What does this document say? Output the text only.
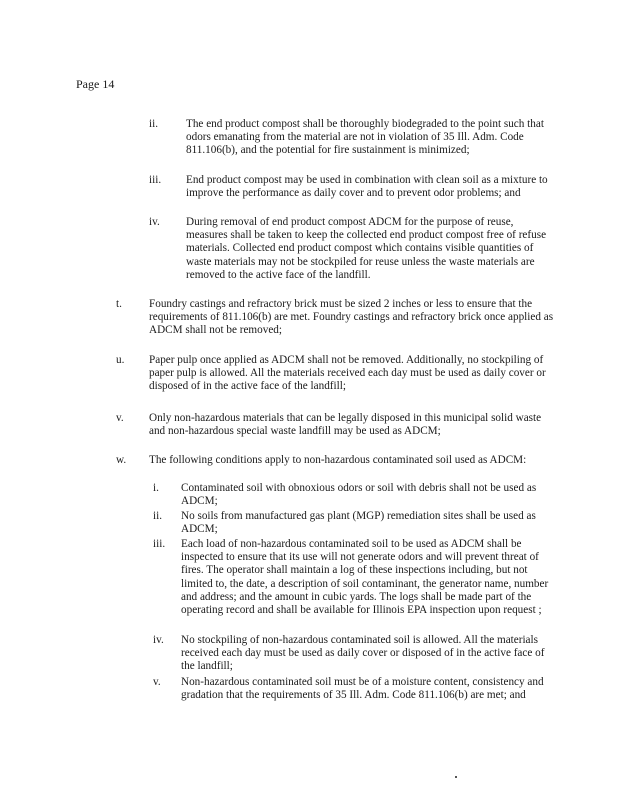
Page 14
ii.	The end product compost shall be thoroughly biodegraded to the point such that odors emanating from the material are not in violation of 35 Ill. Adm. Code 811.106(b), and the potential for fire sustainment is minimized;
iii.	End product compost may be used in combination with clean soil as a mixture to improve the performance as daily cover and to prevent odor problems; and
iv.	During removal of end product compost ADCM for the purpose of reuse, measures shall be taken to keep the collected end product compost free of refuse materials. Collected end product compost which contains visible quantities of waste materials may not be stockpiled for reuse unless the waste materials are removed to the active face of the landfill.
t.	Foundry castings and refractory brick must be sized 2 inches or less to ensure that the requirements of 811.106(b) are met. Foundry castings and refractory brick once applied as ADCM shall not be removed;
u.	Paper pulp once applied as ADCM shall not be removed. Additionally, no stockpiling of paper pulp is allowed. All the materials received each day must be used as daily cover or disposed of in the active face of the landfill;
v.	Only non-hazardous materials that can be legally disposed in this municipal solid waste and non-hazardous special waste landfill may be used as ADCM;
w.	The following conditions apply to non-hazardous contaminated soil used as ADCM:
i.	Contaminated soil with obnoxious odors or soil with debris shall not be used as ADCM;
ii.	No soils from manufactured gas plant (MGP) remediation sites shall be used as ADCM;
iii.	Each load of non-hazardous contaminated soil to be used as ADCM shall be inspected to ensure that its use will not generate odors and will prevent threat of fires. The operator shall maintain a log of these inspections including, but not limited to, the date, a description of soil contaminant, the generator name, number and address; and the amount in cubic yards. The logs shall be made part of the operating record and shall be available for Illinois EPA inspection upon request ;
iv.	No stockpiling of non-hazardous contaminated soil is allowed. All the materials received each day must be used as daily cover or disposed of in the active face of the landfill;
v.	Non-hazardous contaminated soil must be of a moisture content, consistency and gradation that the requirements of 35 Ill. Adm. Code 811.106(b) are met; and
